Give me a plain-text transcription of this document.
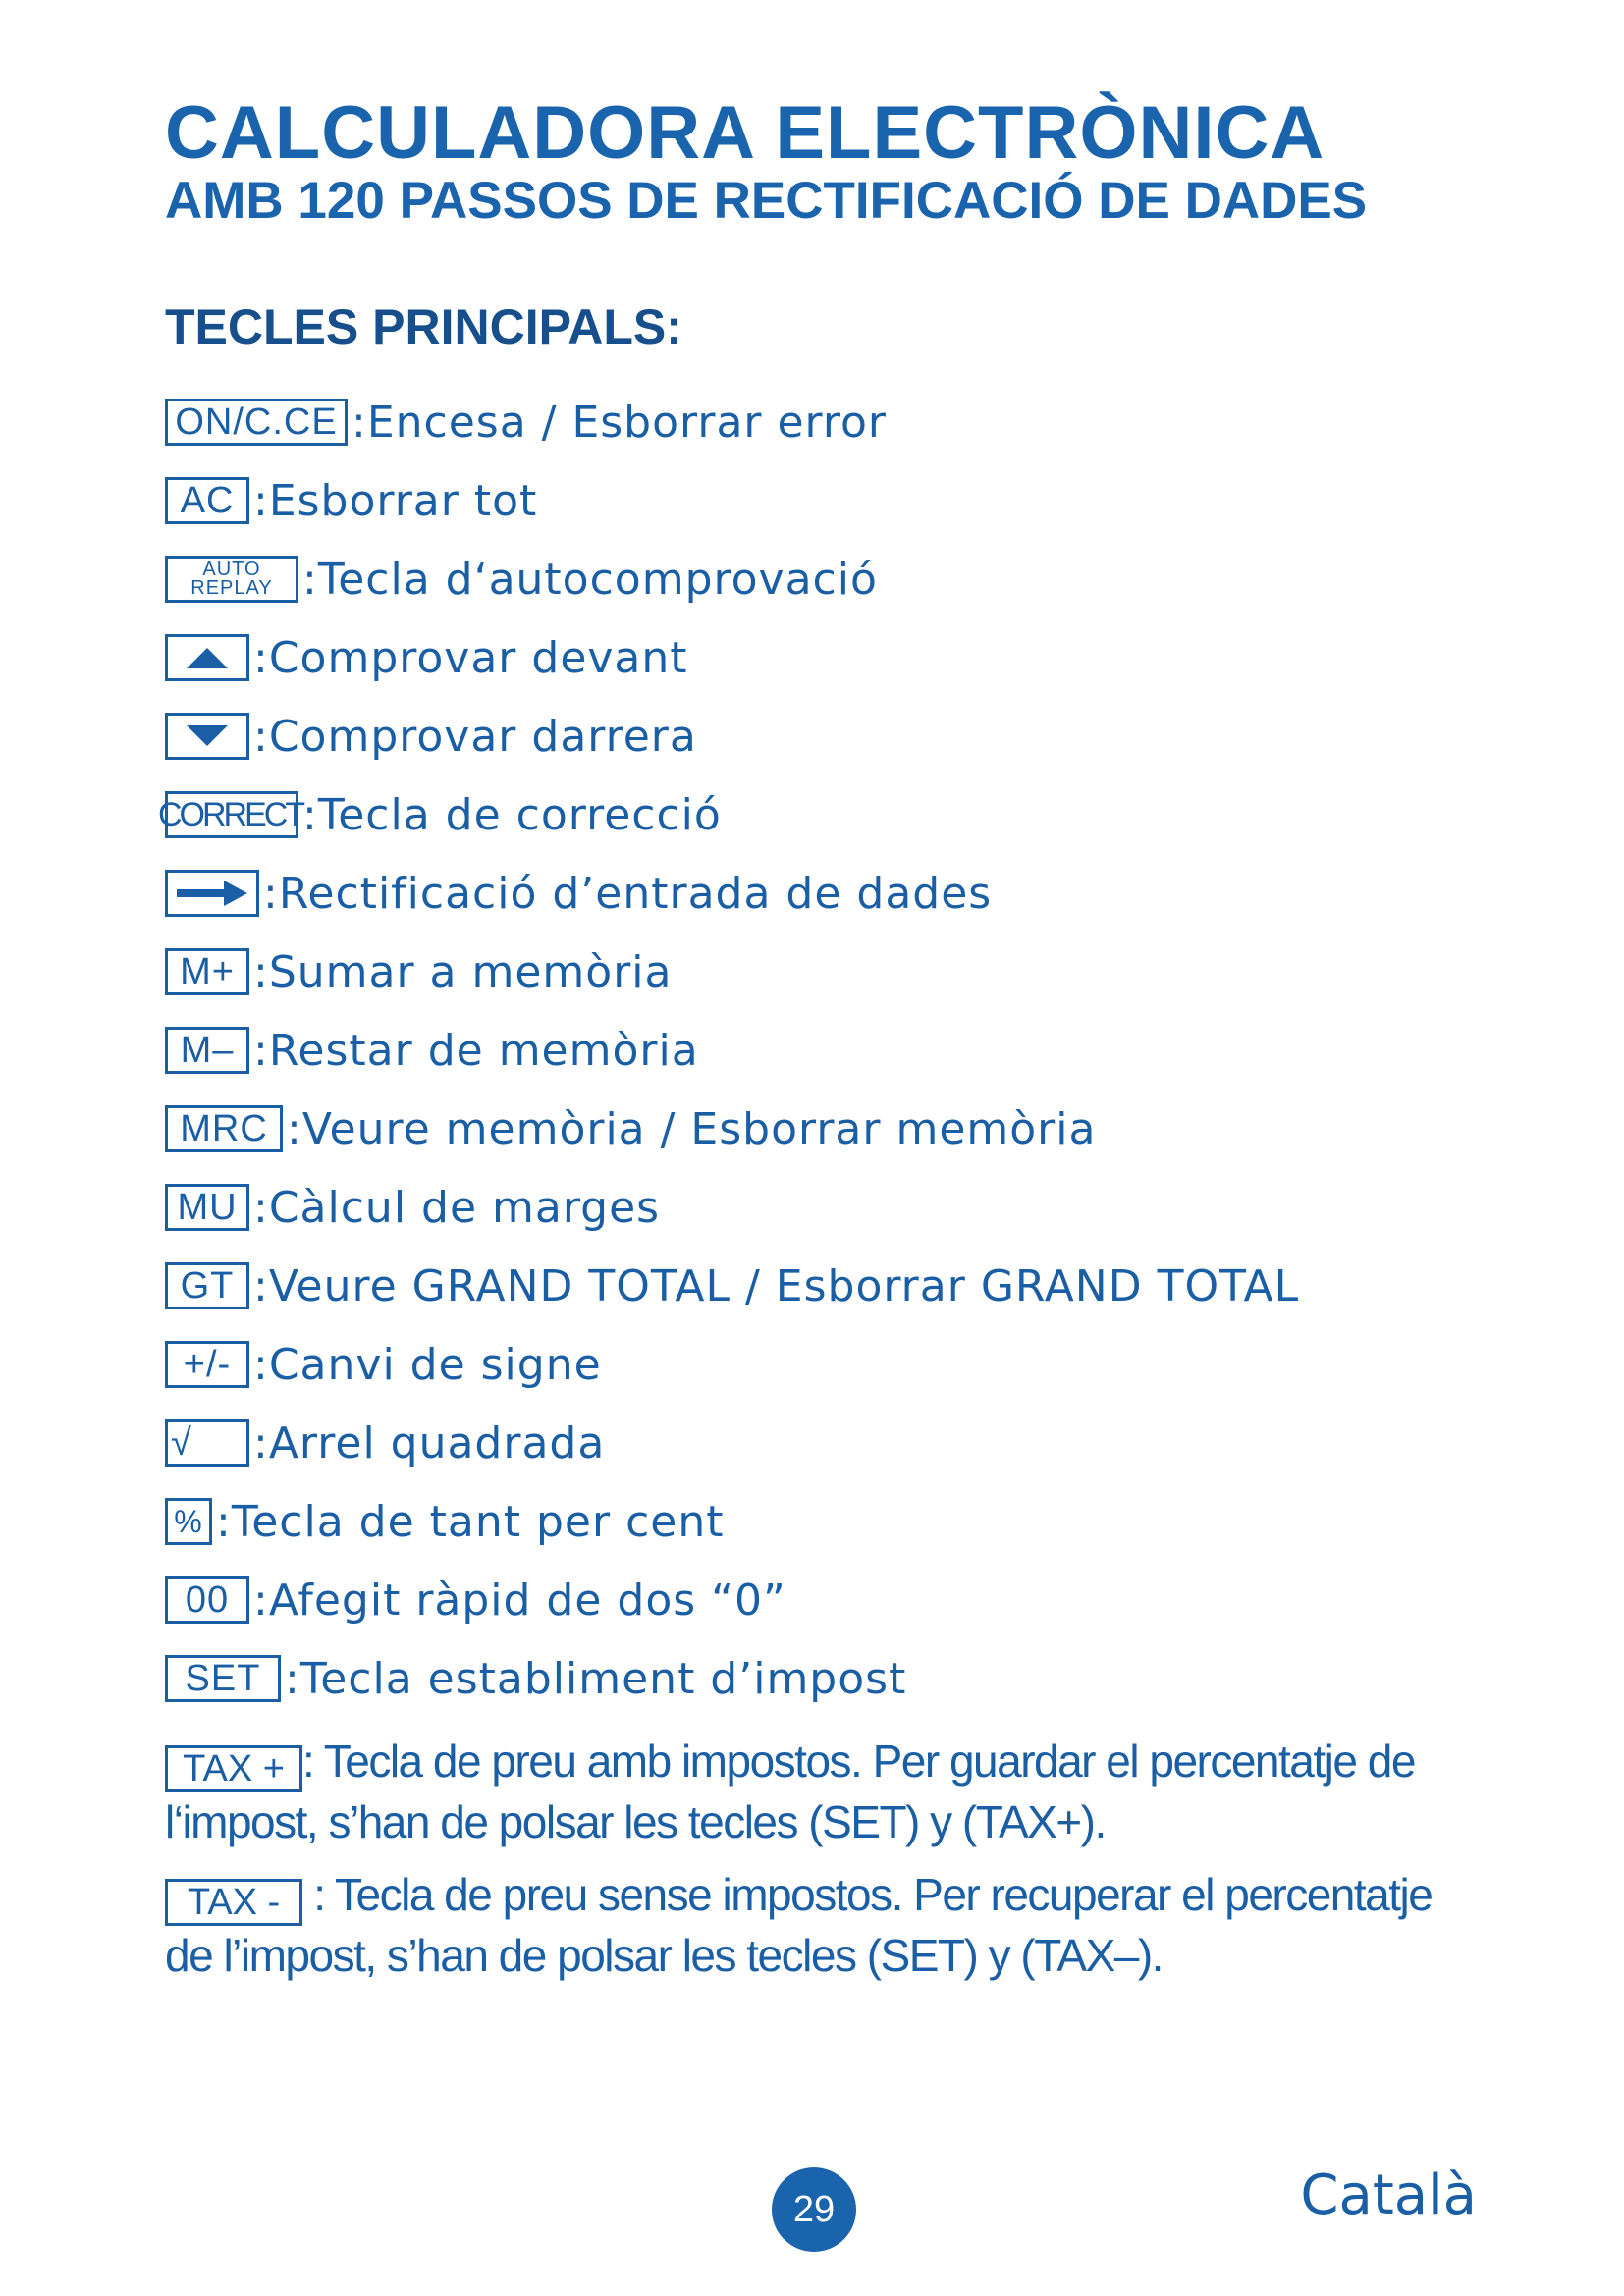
CALCULADORA ELECTRÒNICA
AMB 120 PASSOS DE RECTIFICACIÓ DE DADES
TECLES PRINCIPALS:
ON/C.CE : Encesa / Esborrar error
AC : Esborrar tot
AUTO
REPLAY : Tecla d‘autocomprovació
: Comprovar devant
: Comprovar darrera
CORRECT : Tecla de correcció
: Rectificació d’entrada de dades
M+ : Sumar a memòria
M– : Restar de memòria
MRC : Veure memòria / Esborrar memòria
MU : Càlcul de marges
GT : Veure GRAND TOTAL / Esborrar GRAND TOTAL
+/- : Canvi de signe
√	: Arrel quadrada
% : Tecla de tant per cent
00 : Afegit ràpid de dos “0”
SET : Tecla establiment d’impost
TAX + : Tecla de preu amb impostos. Per guardar el percentatje de l‘impost, s’han de polsar les tecles (SET) y (TAX+).
TAX - : Tecla de preu sense impostos. Per recuperar el percentatje de l’impost, s’han de polsar les tecles (SET) y (TAX–).
29	Català
